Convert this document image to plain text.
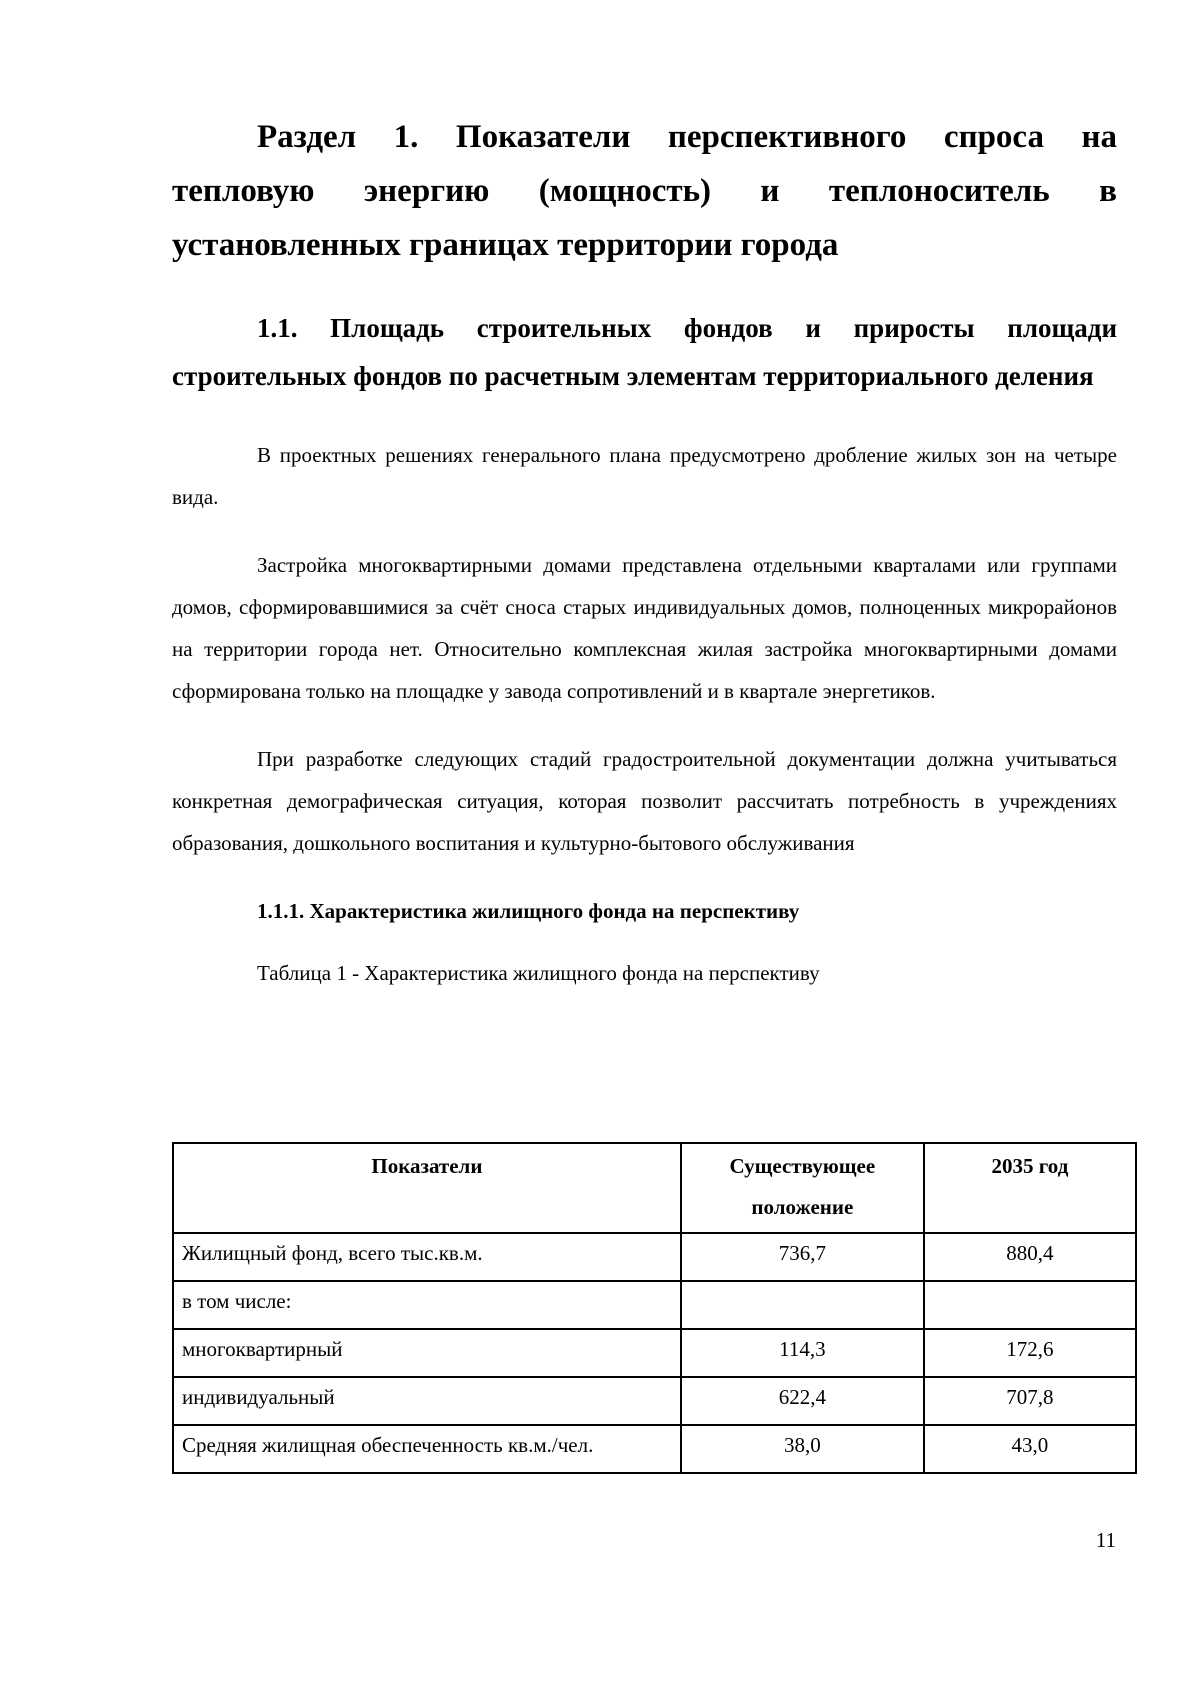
Раздел 1. Показатели перспективного спроса на тепловую энергию (мощность) и теплоноситель в установленных границах территории города
1.1. Площадь строительных фондов и приросты площади строительных фондов по расчетным элементам территориального деления

В проектных решениях генерального плана предусмотрено дробление жилых зон на четыре вида.

Застройка многоквартирными домами представлена отдельными кварталами или группами домов, сформировавшимися за счёт сноса старых индивидуальных домов, полноценных микрорайонов на территории города нет. Относительно комплексная жилая застройка многоквартирными домами сформирована только на площадке у завода сопротивлений и в квартале энергетиков.

При разработке следующих стадий градостроительной документации должна учитываться конкретная демографическая ситуация, которая позволит рассчитать потребность в учреждениях образования, дошкольного воспитания и культурно-бытового обслуживания

1.1.1. Характеристика жилищного фонда на перспективу
Таблица 1 - Характеристика жилищного фонда на перспективу
Показатели	Существующее положение	2035 год
Жилищный фонд, всего тыс.кв.м.	736,7	880,4
в том числе:		
многоквартирный	114,3	172,6
индивидуальный	622,4	707,8
Средняя жилищная обеспеченность кв.м./чел.	38,0	43,0
11
